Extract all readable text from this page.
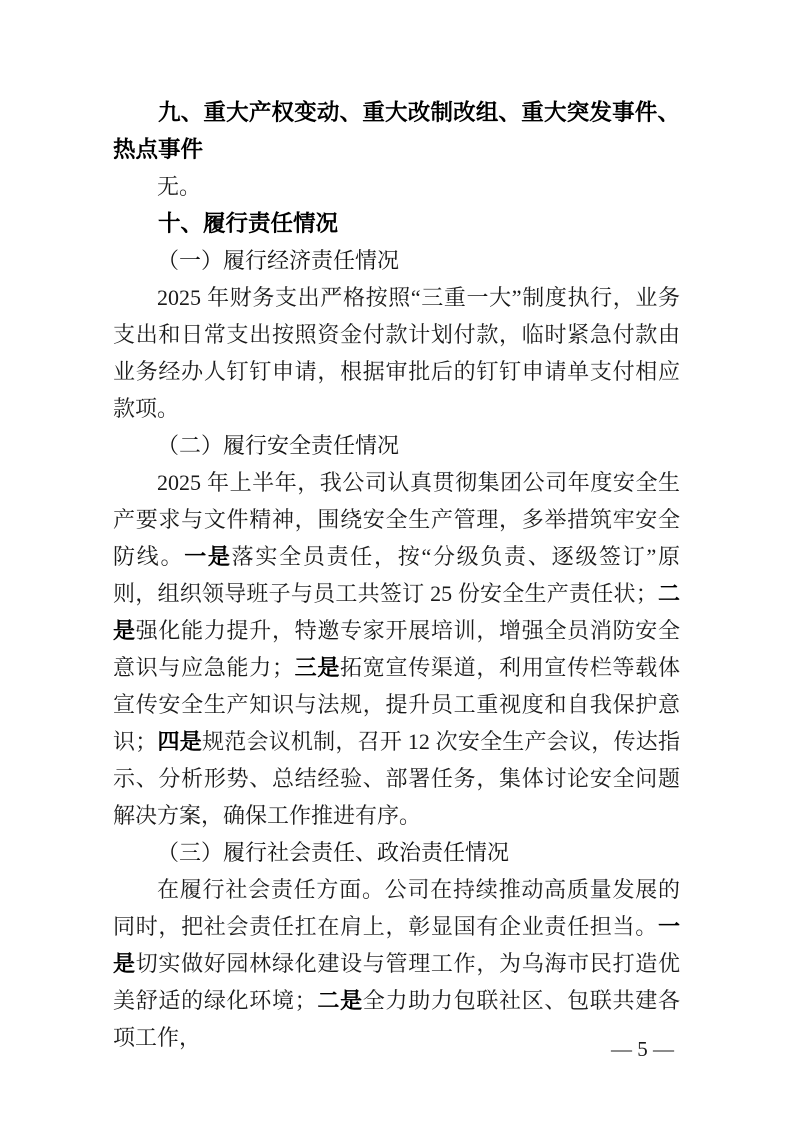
九、重大产权变动、重大改制改组、重大突发事件、热点事件

无。

十、履行责任情况

（一）履行经济责任情况

2025 年财务支出严格按照“三重一大”制度执行，业务支出和日常支出按照资金付款计划付款，临时紧急付款由业务经办人钉钉申请，根据审批后的钉钉申请单支付相应款项。

（二）履行安全责任情况

2025 年上半年，我公司认真贯彻集团公司年度安全生产要求与文件精神，围绕安全生产管理，多举措筑牢安全防线。一是落实全员责任，按“分级负责、逐级签订”原则，组织领导班子与员工共签订 25 份安全生产责任状；二是强化能力提升，特邀专家开展培训，增强全员消防安全意识与应急能力；三是拓宽宣传渠道，利用宣传栏等载体宣传安全生产知识与法规，提升员工重视度和自我保护意识；四是规范会议机制，召开 12 次安全生产会议，传达指示、分析形势、总结经验、部署任务，集体讨论安全问题解决方案，确保工作推进有序。

（三）履行社会责任、政治责任情况

在履行社会责任方面。公司在持续推动高质量发展的同时，把社会责任扛在肩上，彰显国有企业责任担当。一是切实做好园林绿化建设与管理工作，为乌海市民打造优美舒适的绿化环境；二是全力助力包联社区、包联共建各项工作，	— 5 —
